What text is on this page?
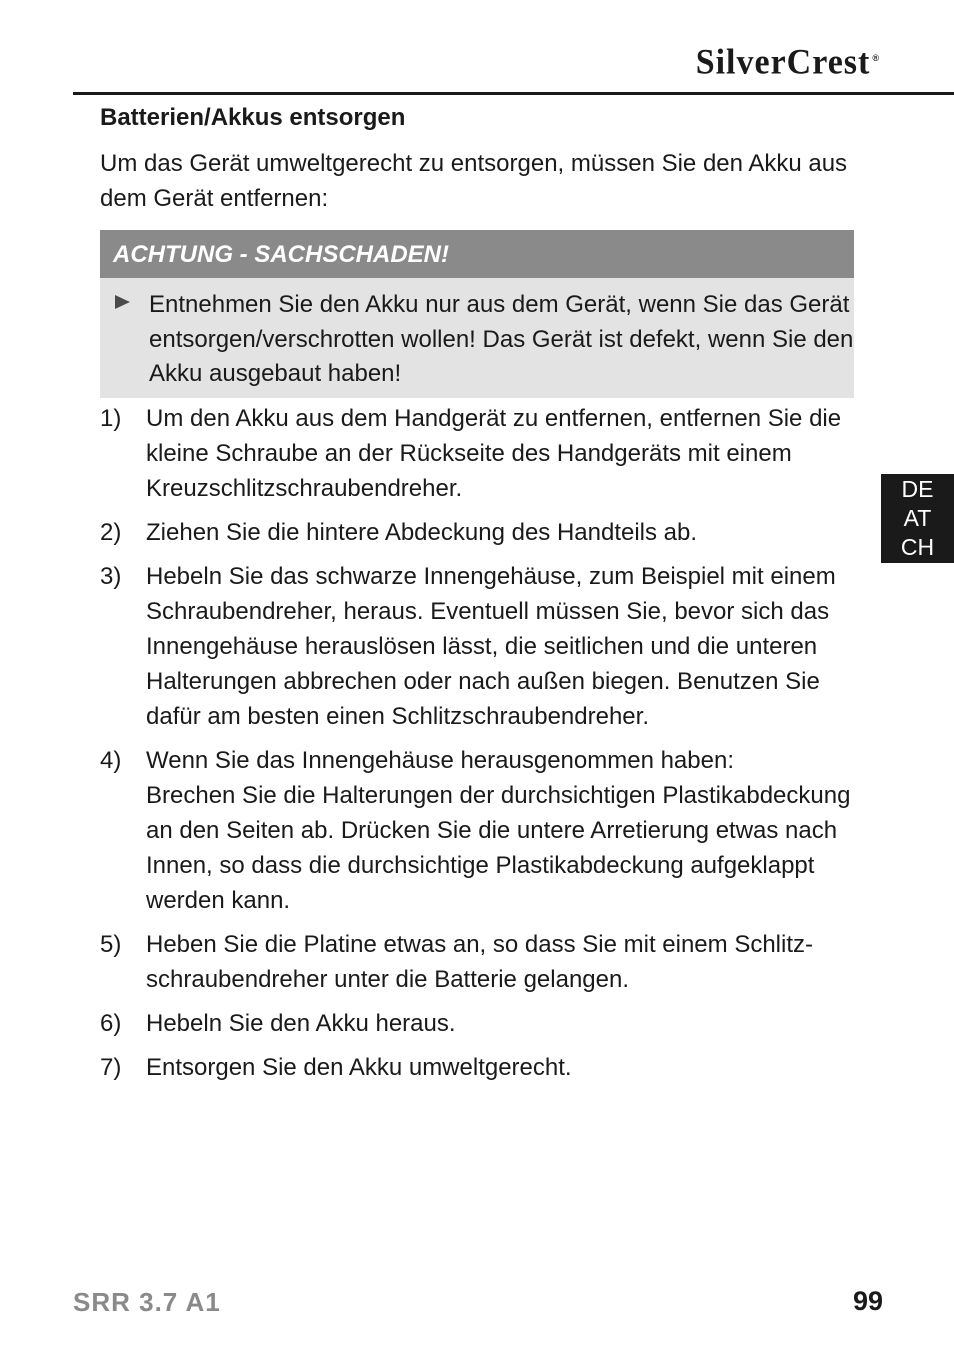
SilverCrest ®
Batterien/Akkus entsorgen
Um das Gerät umweltgerecht zu entsorgen, müssen Sie den Akku aus dem Gerät entfernen:
ACHTUNG - SACHSCHADEN!
Entnehmen Sie den Akku nur aus dem Gerät, wenn Sie das Gerät entsorgen/verschrotten wollen! Das Gerät ist defekt, wenn Sie den Akku ausgebaut haben!
1) Um den Akku aus dem Handgerät zu entfernen, entfernen Sie die kleine Schraube an der Rückseite des Handgeräts mit einem Kreuzschlitzschraubendreher.
2) Ziehen Sie die hintere Abdeckung des Handteils ab.
3) Hebeln Sie das schwarze Innengehäuse, zum Beispiel mit einem Schraubendreher, heraus. Eventuell müssen Sie, bevor sich das Innengehäuse herauslösen lässt, die seitlichen und die unteren Halterungen abbrechen oder nach außen biegen. Benutzen Sie dafür am besten einen Schlitzschraubendreher.
4) Wenn Sie das Innengehäuse herausgenommen haben:
Brechen Sie die Halterungen der durchsichtigen Plastikabdeckung an den Seiten ab. Drücken Sie die untere Arretierung etwas nach Innen, so dass die durchsichtige Plastikabdeckung aufgeklappt werden kann.
5) Heben Sie die Platine etwas an, so dass Sie mit einem Schlitz-schraubendreher unter die Batterie gelangen.
6) Hebeln Sie den Akku heraus.
7) Entsorgen Sie den Akku umweltgerecht.
DE
AT
CH
SRR 3.7 A1	99
